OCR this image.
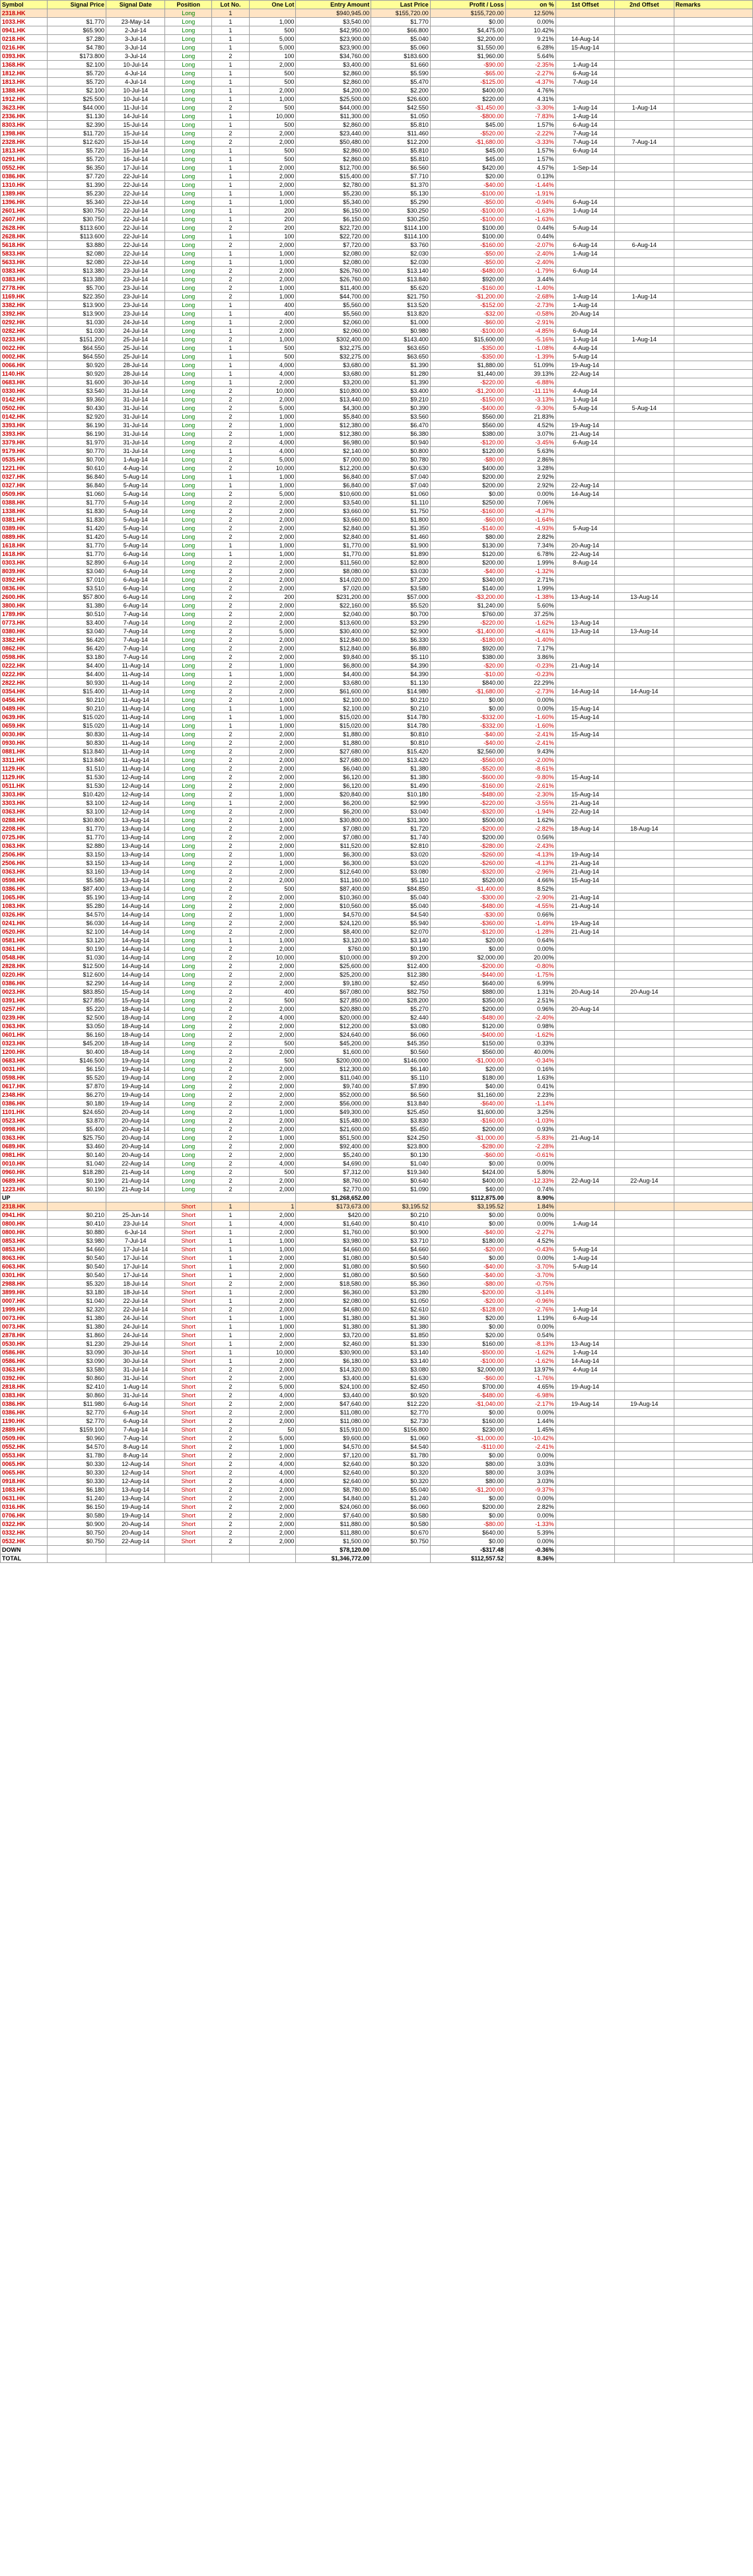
Symbol	Signal Price	Signal Date	Position	Lot No.	One Lot	Entry Amount	Last Price	Profit / Loss	on %	1st Offset	2nd Offset	Remarks
2318.HK			Long	1		$940,945.00	$155,720.00	$155,720.00	12.50%			
1033.HK	$1.770	23-May-14	Long	1	1,000	$3,540.00	$1.770	$0.00	0.00%			
0941.HK	$65.900	2-Jul-14	Long	1	500	$42,950.00	$66.800	$4,475.00	10.42%			
0218.HK	$7.280	3-Jul-14	Long	1	5,000	$23,900.00	$5.040	$2,200.00	9.21%	14-Aug-14		
0216.HK	$4.780	3-Jul-14	Long	1	5,000	$23,900.00	$5.060	$1,550.00	6.28%	15-Aug-14		
0393.HK	$173.800	3-Jul-14	Long	2	100	$34,760.00	$183.600	$1,960.00	5.64%			
1368.HK	$2.100	10-Jul-14	Long	1	2,000	$3,400.00	$1.660	-$90.00	-2.35%	1-Aug-14		
1812.HK	$5.720	4-Jul-14	Long	1	500	$2,860.00	$5.590	-$65.00	-2.27%	6-Aug-14		
1813.HK	$5.720	4-Jul-14	Long	1	500	$2,860.00	$5.470	-$125.00	-4.37%	7-Aug-14		
1388.HK	$2.100	10-Jul-14	Long	1	2,000	$4,200.00	$2.200	$400.00	4.76%			
1912.HK	$25.500	10-Jul-14	Long	1	1,000	$25,500.00	$26.600	$220.00	4.31%			
3623.HK	$44.000	11-Jul-14	Long	2	500	$44,000.00	$42.550	-$1,450.00	-3.30%	1-Aug-14	1-Aug-14	
2336.HK	$1.130	14-Jul-14	Long	1	10,000	$11,300.00	$1.050	-$800.00	-7.83%	1-Aug-14		
8303.HK	$2.390	15-Jul-14	Long	1	500	$2,860.00	$5.810	$45.00	1.57%	6-Aug-14		
1398.HK	$11.720	15-Jul-14	Long	2	2,000	$23,440.00	$11.460	-$520.00	-2.22%	7-Aug-14		
2328.HK	$12.620	15-Jul-14	Long	2	2,000	$50,480.00	$12.200	-$1,680.00	-3.33%	7-Aug-14	7-Aug-14	
1813.HK	$5.720	15-Jul-14	Long	1	500	$2,860.00	$5.810	$45.00	1.57%	6-Aug-14		
0291.HK	$5.720	16-Jul-14	Long	1	500	$2,860.00	$5.810	$45.00	1.57%			
0552.HK	$6.350	17-Jul-14	Long	1	2,000	$12,700.00	$6.560	$420.00	4.57%	1-Sep-14		
0386.HK	$7.720	22-Jul-14	Long	1	2,000	$15,400.00	$7.710	$20.00	0.13%			
1310.HK	$1.390	22-Jul-14	Long	1	2,000	$2,780.00	$1.370	-$40.00	-1.44%			
1389.HK	$5.230	22-Jul-14	Long	1	1,000	$5,230.00	$5.130	-$100.00	-1.91%			
1396.HK	$5.340	22-Jul-14	Long	1	1,000	$5,340.00	$5.290	-$50.00	-0.94%	6-Aug-14		
2601.HK	$30.750	22-Jul-14	Long	1	200	$6,150.00	$30.250	-$100.00	-1.63%	1-Aug-14		
2607.HK	$30.750	22-Jul-14	Long	1	200	$6,150.00	$30.250	-$100.00	-1.63%			
2628.HK	$113.600	22-Jul-14	Long	2	200	$22,720.00	$114.100	$100.00	0.44%	5-Aug-14		
2628.HK	$113.600	22-Jul-14	Long	1	100	$22,720.00	$114.100	$100.00	0.44%			
5618.HK	$3.880	22-Jul-14	Long	2	2,000	$7,720.00	$3.760	-$160.00	-2.07%	6-Aug-14	6-Aug-14	
5833.HK	$2.080	22-Jul-14	Long	1	1,000	$2,080.00	$2.030	-$50.00	-2.40%	1-Aug-14		
5633.HK	$2.080	22-Jul-14	Long	1	1,000	$2,080.00	$2.030	-$50.00	-2.40%			
0383.HK	$13.380	23-Jul-14	Long	2	2,000	$26,760.00	$13.140	-$480.00	-1.79%	6-Aug-14		
0383.HK	$13.380	23-Jul-14	Long	2	2,000	$26,760.00	$13.840	$920.00	3.44%			
2778.HK	$5.700	23-Jul-14	Long	2	1,000	$11,400.00	$5.620	-$160.00	-1.40%			
1169.HK	$22.350	23-Jul-14	Long	2	1,000	$44,700.00	$21.750	-$1,200.00	-2.68%	1-Aug-14	1-Aug-14	
3382.HK	$13.900	23-Jul-14	Long	1	400	$5,560.00	$13.520	-$152.00	-2.73%	1-Aug-14		
3392.HK	$13.900	23-Jul-14	Long	1	400	$5,560.00	$13.820	-$32.00	-0.58%	20-Aug-14		
0292.HK	$1.030	24-Jul-14	Long	1	2,000	$2,060.00	$1.000	-$60.00	-2.91%			
0282.HK	$1.030	24-Jul-14	Long	1	2,000	$2,060.00	$0.980	-$100.00	-4.85%	6-Aug-14		
0233.HK	$151.200	25-Jul-14	Long	2	1,000	$302,400.00	$143.400	$15,600.00	-5.16%	1-Aug-14	1-Aug-14	
0022.HK	$64.550	25-Jul-14	Long	1	500	$32,275.00	$63.650	-$350.00	-1.08%	4-Aug-14		
0002.HK	$64.550	25-Jul-14	Long	1	500	$32,275.00	$63.650	-$350.00	-1.39%	5-Aug-14		
0066.HK	$0.920	28-Jul-14	Long	1	4,000	$3,680.00	$1.390	$1,880.00	51.09%	19-Aug-14		
1140.HK	$0.920	28-Jul-14	Long	1	4,000	$3,680.00	$1.280	$1,440.00	39.13%	22-Aug-14		
0683.HK	$1.600	30-Jul-14	Long	1	2,000	$3,200.00	$1.390	-$220.00	-6.88%			
0330.HK	$3.540	31-Jul-14	Long	2	10,000	$10,800.00	$3.400	-$1,200.00	-11.11%	4-Aug-14		
0142.HK	$9.360	31-Jul-14	Long	2	2,000	$13,440.00	$9.210	-$150.00	-3.13%	1-Aug-14		
0502.HK	$0.430	31-Jul-14	Long	2	5,000	$4,300.00	$0.390	-$400.00	-9.30%	5-Aug-14	5-Aug-14	
0142.HK	$2.920	31-Jul-14	Long	2	1,000	$5,840.00	$3.560	$560.00	21.83%			
3393.HK	$6.190	31-Jul-14	Long	2	1,000	$12,380.00	$6.470	$560.00	4.52%	19-Aug-14		
3393.HK	$6.190	31-Jul-14	Long	2	1,000	$12,380.00	$6.380	$380.00	3.07%	21-Aug-14		
3379.HK	$1.970	31-Jul-14	Long	2	4,000	$6,980.00	$0.940	-$120.00	-3.45%	6-Aug-14		
9179.HK	$0.770	31-Jul-14	Long	1	4,000	$2,140.00	$0.800	$120.00	5.63%			
0535.HK	$0.700	1-Aug-14	Long	2	5,000	$7,000.00	$0.780	-$80.00	2.86%			
1221.HK	$0.610	4-Aug-14	Long	2	10,000	$12,200.00	$0.630	$400.00	3.28%			
0327.HK	$6.840	5-Aug-14	Long	1	1,000	$6,840.00	$7.040	$200.00	2.92%			
0327.HK	$6.840	5-Aug-14	Long	1	1,000	$6,840.00	$7.040	$200.00	2.92%	22-Aug-14		
0509.HK	$1.060	5-Aug-14	Long	2	5,000	$10,600.00	$1.060	$0.00	0.00%	14-Aug-14		
0388.HK	$1.770	5-Aug-14	Long	2	2,000	$3,540.00	$1.110	$250.00	7.06%			
1338.HK	$1.830	5-Aug-14	Long	2	2,000	$3,660.00	$1.750	-$160.00	-4.37%			
0381.HK	$1.830	5-Aug-14	Long	2	2,000	$3,660.00	$1.800	-$60.00	-1.64%			
0389.HK	$1.420	5-Aug-14	Long	2	2,000	$2,840.00	$1.350	-$140.00	-4.93%	5-Aug-14		
0889.HK	$1.420	5-Aug-14	Long	2	2,000	$2,840.00	$1.460	$80.00	2.82%			
1618.HK	$1.770	5-Aug-14	Long	1	1,000	$1,770.00	$1.900	$130.00	7.34%	20-Aug-14		
1618.HK	$1.770	6-Aug-14	Long	1	1,000	$1,770.00	$1.890	$120.00	6.78%	22-Aug-14		
0303.HK	$2.890	6-Aug-14	Long	2	2,000	$11,560.00	$2.800	$200.00	1.99%	8-Aug-14		
8039.HK	$3.040	6-Aug-14	Long	2	2,000	$8,080.00	$3.030	-$40.00	-1.32%			
0392.HK	$7.010	6-Aug-14	Long	2	2,000	$14,020.00	$7.200	$340.00	2.71%			
0836.HK	$3.510	6-Aug-14	Long	2	2,000	$7,020.00	$3.580	$140.00	1.99%			
2600.HK	$57.800	6-Aug-14	Long	2	200	$231,200.00	$57.000	-$3,200.00	-1.38%	13-Aug-14	13-Aug-14	
3800.HK	$1.380	6-Aug-14	Long	2	2,000	$22,160.00	$5.520	$1,240.00	5.60%			
1789.HK	$0.510	7-Aug-14	Long	2	2,000	$2,040.00	$0.700	$760.00	37.25%			
0773.HK	$3.400	7-Aug-14	Long	2	2,000	$13,600.00	$3.290	-$220.00	-1.62%	13-Aug-14		
0380.HK	$3.040	7-Aug-14	Long	2	5,000	$30,400.00	$2.900	-$1,400.00	-4.61%	13-Aug-14	13-Aug-14	
3382.HK	$6.420	7-Aug-14	Long	2	2,000	$12,840.00	$6.330	-$180.00	-1.40%			
0862.HK	$6.420	7-Aug-14	Long	2	2,000	$12,840.00	$6.880	$920.00	7.17%			
0598.HK	$3.180	7-Aug-14	Long	2	2,000	$9,840.00	$5.110	$380.00	3.86%			
0222.HK	$4.400	11-Aug-14	Long	2	1,000	$6,800.00	$4.390	-$20.00	-0.23%	21-Aug-14		
0222.HK	$4.400	11-Aug-14	Long	1	1,000	$4,400.00	$4.390	-$10.00	-0.23%			
2822.HK	$0.930	11-Aug-14	Long	2	2,000	$3,680.00	$1.130	$840.00	22.29%			
0354.HK	$15.400	11-Aug-14	Long	2	2,000	$61,600.00	$14.980	-$1,680.00	-2.73%	14-Aug-14	14-Aug-14	
0456.HK	$0.210	11-Aug-14	Long	2	1,000	$2,100.00	$0.210	$0.00	0.00%			
0489.HK	$0.210	11-Aug-14	Long	1	1,000	$2,100.00	$0.210	$0.00	0.00%	15-Aug-14		
0639.HK	$15.020	11-Aug-14	Long	1	1,000	$15,020.00	$14.780	-$332.00	-1.60%	15-Aug-14		
0659.HK	$15.020	11-Aug-14	Long	1	1,000	$15,020.00	$14.780	-$332.00	-1.60%			
0030.HK	$0.830	11-Aug-14	Long	2	2,000	$1,880.00	$0.810	-$40.00	-2.41%	15-Aug-14		
0930.HK	$0.830	11-Aug-14	Long	2	2,000	$1,880.00	$0.810	-$40.00	-2.41%			
0881.HK	$13.840	11-Aug-14	Long	2	2,000	$27,680.00	$15.420	$2,560.00	9.43%			
3311.HK	$13.840	11-Aug-14	Long	2	2,000	$27,680.00	$13.420	-$560.00	-2.00%			
1129.HK	$1.510	11-Aug-14	Long	2	2,000	$6,040.00	$1.380	-$520.00	-8.61%			
1129.HK	$1.530	12-Aug-14	Long	2	2,000	$6,120.00	$1.380	-$600.00	-9.80%	15-Aug-14		
0511.HK	$1.530	12-Aug-14	Long	2	2,000	$6,120.00	$1.490	-$160.00	-2.61%			
3303.HK	$10.420	12-Aug-14	Long	2	1,000	$20,840.00	$10.180	-$480.00	-2.30%	15-Aug-14		
3303.HK	$3.100	12-Aug-14	Long	1	2,000	$6,200.00	$2.990	-$220.00	-3.55%	21-Aug-14		
0363.HK	$3.100	12-Aug-14	Long	2	2,000	$6,200.00	$3.040	-$320.00	-1.94%	22-Aug-14		
0288.HK	$30.800	13-Aug-14	Long	2	1,000	$30,800.00	$31.300	$500.00	1.62%			
2208.HK	$1.770	13-Aug-14	Long	2	2,000	$7,080.00	$1.720	-$200.00	-2.82%	18-Aug-14	18-Aug-14	
0725.HK	$1.770	13-Aug-14	Long	2	2,000	$7,080.00	$1.740	$200.00	0.56%			
0363.HK	$2.880	13-Aug-14	Long	2	2,000	$11,520.00	$2.810	-$280.00	-2.43%			
2506.HK	$3.150	13-Aug-14	Long	2	1,000	$6,300.00	$3.020	-$260.00	-4.13%	19-Aug-14		
2506.HK	$3.150	13-Aug-14	Long	2	1,000	$6,300.00	$3.020	-$260.00	-4.13%	21-Aug-14		
0363.HK	$3.160	13-Aug-14	Long	2	2,000	$12,640.00	$3.080	-$320.00	-2.96%	21-Aug-14		
0598.HK	$5.580	13-Aug-14	Long	2	2,000	$11,160.00	$5.110	$520.00	4.66%	15-Aug-14		
0386.HK	$87.400	13-Aug-14	Long	2	500	$87,400.00	$84.850	-$1,400.00	8.52%			
1065.HK	$5.190	13-Aug-14	Long	2	2,000	$10,360.00	$5.040	-$300.00	-2.90%	21-Aug-14		
1083.HK	$5.280	14-Aug-14	Long	2	2,000	$10,560.00	$5.040	-$480.00	-4.55%	21-Aug-14		
0326.HK	$4.570	14-Aug-14	Long	2	1,000	$4,570.00	$4.540	-$30.00	0.66%			
0241.HK	$6.030	14-Aug-14	Long	2	2,000	$24,120.00	$5.940	-$360.00	-1.49%	19-Aug-14		
0520.HK	$2.100	14-Aug-14	Long	2	2,000	$8,400.00	$2.070	-$120.00	-1.28%	21-Aug-14		
0581.HK	$3.120	14-Aug-14	Long	1	1,000	$3,120.00	$3.140	$20.00	0.64%			
0361.HK	$0.190	14-Aug-14	Long	2	2,000	$760.00	$0.190	$0.00	0.00%			
0548.HK	$1.030	14-Aug-14	Long	2	10,000	$10,000.00	$9.200	$2,000.00	20.00%			
2828.HK	$12.500	14-Aug-14	Long	2	2,000	$25,600.00	$12.400	-$200.00	-0.80%			
0220.HK	$12.600	14-Aug-14	Long	2	2,000	$25,200.00	$12.380	-$440.00	-1.75%			
0386.HK	$2.290	14-Aug-14	Long	2	2,000	$9,180.00	$2.450	$640.00	6.99%			
0023.HK	$83.850	15-Aug-14	Long	2	400	$67,080.00	$82.750	$880.00	1.31%	20-Aug-14	20-Aug-14	
0391.HK	$27.850	15-Aug-14	Long	2	500	$27,850.00	$28.200	$350.00	2.51%			
0257.HK	$5.220	18-Aug-14	Long	2	2,000	$20,880.00	$5.270	$200.00	0.96%	20-Aug-14		
0239.HK	$2.500	18-Aug-14	Long	2	4,000	$20,000.00	$2.440	-$480.00	-2.40%			
0363.HK	$3.050	18-Aug-14	Long	2	2,000	$12,200.00	$3.080	$120.00	0.98%			
0601.HK	$6.160	18-Aug-14	Long	2	2,000	$24,640.00	$6.060	-$400.00	-1.62%			
0323.HK	$45.200	18-Aug-14	Long	2	500	$45,200.00	$45.350	$150.00	0.33%			
1200.HK	$0.400	18-Aug-14	Long	2	2,000	$1,600.00	$0.560	$560.00	40.00%			
0683.HK	$146.500	19-Aug-14	Long	2	500	$200,000.00	$146.000	-$1,000.00	-0.34%			
0031.HK	$6.150	19-Aug-14	Long	2	2,000	$12,300.00	$6.140	$20.00	0.16%			
0598.HK	$5.520	19-Aug-14	Long	2	2,000	$11,040.00	$5.110	$180.00	1.63%			
0617.HK	$7.870	19-Aug-14	Long	2	2,000	$9,740.00	$7.890	$40.00	0.41%			
2348.HK	$6.270	19-Aug-14	Long	2	2,000	$52,000.00	$6.560	$1,160.00	2.23%			
0386.HK	$0.180	19-Aug-14	Long	2	2,000	$56,000.00	$13.840	-$640.00	-1.14%			
1101.HK	$24.650	20-Aug-14	Long	2	1,000	$49,300.00	$25.450	$1,600.00	3.25%			
0523.HK	$3.870	20-Aug-14	Long	2	2,000	$15,480.00	$3.830	-$160.00	-1.03%			
0998.HK	$5.400	20-Aug-14	Long	2	2,000	$21,600.00	$5.450	$200.00	0.93%			
0363.HK	$25.750	20-Aug-14	Long	2	1,000	$51,500.00	$24.250	-$1,000.00	-5.83%	21-Aug-14		
0689.HK	$3.460	20-Aug-14	Long	2	2,000	$92,400.00	$23.800	-$280.00	-2.28%			
0981.HK	$0.140	20-Aug-14	Long	2	2,000	$5,240.00	$0.130	-$60.00	-0.61%			
0010.HK	$1.040	22-Aug-14	Long	2	4,000	$4,690.00	$1.040	$0.00	0.00%			
0960.HK	$18.280	21-Aug-14	Long	2	500	$7,312.00	$19.340	$424.00	5.80%			
0689.HK	$0.190	21-Aug-14	Long	2	2,000	$8,760.00	$0.640	$400.00	-12.33%	22-Aug-14	22-Aug-14	
1223.HK	$0.190	21-Aug-14	Long	2	2,000	$2,770.00	$1.090	$40.00	0.74%			
UP						$1,268,652.00		$112,875.00	8.90%			
2318.HK			Short	1	1	$173,673.00	$3,195.52	$3,195.52	1.84%			
0941.HK	$0.210	25-Jun-14	Short	1	2,000	$420.00	$0.210	$0.00	0.00%			
0800.HK	$0.410	23-Jul-14	Short	1	4,000	$1,640.00	$0.410	$0.00	0.00%	1-Aug-14		
0800.HK	$0.880	6-Jul-14	Short	1	2,000	$1,760.00	$0.900	-$40.00	-2.27%			
0853.HK	$3.980	7-Jul-14	Short	1	1,000	$3,980.00	$3.710	$180.00	4.52%			
0853.HK	$4.660	17-Jul-14	Short	1	1,000	$4,660.00	$4.660	-$20.00	-0.43%	5-Aug-14		
8063.HK	$0.540	17-Jul-14	Short	1	2,000	$1,080.00	$0.540	$0.00	0.00%	1-Aug-14		
6063.HK	$0.540	17-Jul-14	Short	1	2,000	$1,080.00	$0.560	-$40.00	-3.70%	5-Aug-14		
0301.HK	$0.540	17-Jul-14	Short	1	2,000	$1,080.00	$0.560	-$40.00	-3.70%			
2988.HK	$5.320	18-Jul-14	Short	2	2,000	$18,580.00	$5.360	-$80.00	-0.75%			
3899.HK	$3.180	18-Jul-14	Short	1	2,000	$6,360.00	$3.280	-$200.00	-3.14%			
0007.HK	$1.040	22-Jul-14	Short	1	2,000	$2,080.00	$1.050	-$20.00	-0.96%			
1999.HK	$2.320	22-Jul-14	Short	2	2,000	$4,680.00	$2.610	-$128.00	-2.76%	1-Aug-14		
0073.HK	$1.380	24-Jul-14	Short	1	1,000	$1,380.00	$1.360	$20.00	1.19%	6-Aug-14		
0073.HK	$1.380	24-Jul-14	Short	1	1,000	$1,380.00	$1.380	$0.00	0.00%			
2878.HK	$1.860	24-Jul-14	Short	1	2,000	$3,720.00	$1.850	$20.00	0.54%			
0530.HK	$1.230	29-Jul-14	Short	1	2,000	$2,460.00	$1.330	$160.00	-8.13%	13-Aug-14		
0586.HK	$3.090	30-Jul-14	Short	1	10,000	$30,900.00	$3.140	-$500.00	-1.62%	1-Aug-14		
0586.HK	$3.090	30-Jul-14	Short	1	2,000	$6,180.00	$3.140	-$100.00	-1.62%	14-Aug-14		
0363.HK	$3.580	31-Jul-14	Short	2	2,000	$14,320.00	$3.080	$2,000.00	13.97%	4-Aug-14		
0392.HK	$0.860	31-Jul-14	Short	2	2,000	$3,400.00	$1.630	-$60.00	-1.76%			
2818.HK	$2.410	1-Aug-14	Short	2	5,000	$24,100.00	$2.450	$700.00	4.65%	19-Aug-14		
0383.HK	$0.860	31-Jul-14	Short	2	4,000	$3,440.00	$0.920	-$480.00	-6.98%			
0386.HK	$11.980	6-Aug-14	Short	2	2,000	$47,640.00	$12.220	-$1,040.00	-2.17%	19-Aug-14	19-Aug-14	
0386.HK	$2.770	6-Aug-14	Short	2	2,000	$11,080.00	$2.770	$0.00	0.00%			
1190.HK	$2.770	6-Aug-14	Short	2	2,000	$11,080.00	$2.730	$160.00	1.44%			
2889.HK	$159.100	7-Aug-14	Short	2	50	$15,910.00	$156.800	$230.00	1.45%			
0509.HK	$0.960	7-Aug-14	Short	2	5,000	$9,600.00	$1.060	-$1,000.00	-10.42%			
0552.HK	$4.570	8-Aug-14	Short	2	1,000	$4,570.00	$4.540	-$110.00	-2.41%			
0553.HK	$1.780	8-Aug-14	Short	2	2,000	$7,120.00	$1.780	$0.00	0.00%			
0065.HK	$0.330	12-Aug-14	Short	2	4,000	$2,640.00	$0.320	$80.00	3.03%			
0065.HK	$0.330	12-Aug-14	Short	2	4,000	$2,640.00	$0.320	$80.00	3.03%			
0918.HK	$0.330	12-Aug-14	Short	2	4,000	$2,640.00	$0.320	$80.00	3.03%			
1083.HK	$6.180	13-Aug-14	Short	2	2,000	$8,780.00	$5.040	-$1,200.00	-9.37%			
0631.HK	$1.240	13-Aug-14	Short	2	2,000	$4,840.00	$1.240	$0.00	0.00%			
0316.HK	$6.150	19-Aug-14	Short	2	2,000	$24,060.00	$6.060	$200.00	2.82%			
0706.HK	$0.580	19-Aug-14	Short	2	2,000	$7,640.00	$0.580	$0.00	0.00%			
0322.HK	$0.900	20-Aug-14	Short	2	2,000	$11,880.00	$0.580	-$80.00	-1.33%			
0332.HK	$0.750	20-Aug-14	Short	2	2,000	$11,880.00	$0.670	$640.00	5.39%			
0532.HK	$0.750	22-Aug-14	Short	2	2,000	$1,500.00	$0.750	$0.00	0.00%			
DOWN						$78,120.00		-$317.48	-0.36%			
TOTAL						$1,346,772.00		$112,557.52	8.36%			
